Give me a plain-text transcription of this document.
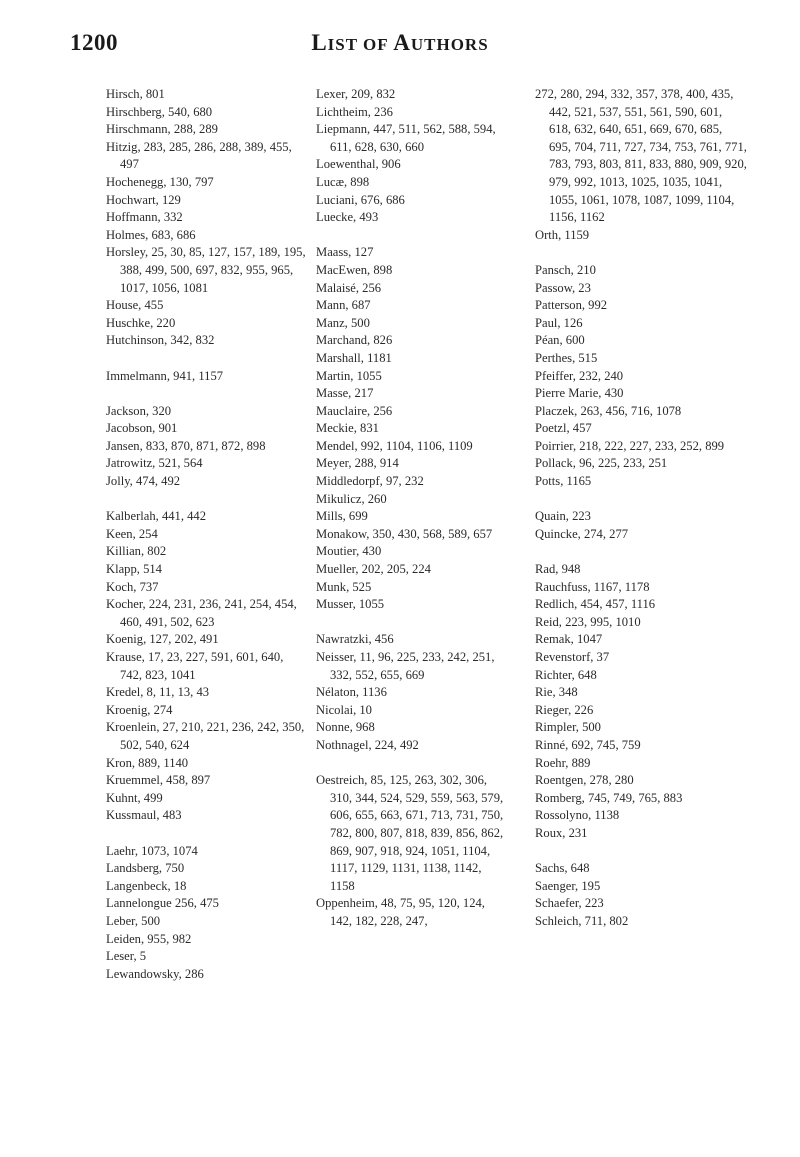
1200	LIST OF AUTHORS
Hirsch, 801
Hirschberg, 540, 680
Hirschmann, 288, 289
Hitzig, 283, 285, 286, 288, 389, 455, 497
Hochenegg, 130, 797
Hochwart, 129
Hoffmann, 332
Holmes, 683, 686
Horsley, 25, 30, 85, 127, 157, 189, 195, 388, 499, 500, 697, 832, 955, 965, 1017, 1056, 1081
House, 455
Huschke, 220
Hutchinson, 342, 832
Immelmann, 941, 1157
Jackson, 320
Jacobson, 901
Jansen, 833, 870, 871, 872, 898
Jatrowitz, 521, 564
Jolly, 474, 492
Kalberlah, 441, 442
Keen, 254
Killian, 802
Klapp, 514
Koch, 737
Kocher, 224, 231, 236, 241, 254, 454, 460, 491, 502, 623
Koenig, 127, 202, 491
Krause, 17, 23, 227, 591, 601, 640, 742, 823, 1041
Kredel, 8, 11, 13, 43
Kroenig, 274
Kroenlein, 27, 210, 221, 236, 242, 350, 502, 540, 624
Kron, 889, 1140
Kruemmel, 458, 897
Kuhnt, 499
Kussmaul, 483
Laehr, 1073, 1074
Landsberg, 750
Langenbeck, 18
Lannelongue 256, 475
Leber, 500
Leiden, 955, 982
Leser, 5
Lewandowsky, 286
Lexer, 209, 832
Lichtheim, 236
Liepmann, 447, 511, 562, 588, 594, 611, 628, 630, 660
Loewenthal, 906
Lucæ, 898
Luciani, 676, 686
Luecke, 493
Maass, 127
MacEwen, 898
Malaisé, 256
Mann, 687
Manz, 500
Marchand, 826
Marshall, 1181
Martin, 1055
Masse, 217
Mauclaire, 256
Meckie, 831
Mendel, 992, 1104, 1106, 1109
Meyer, 288, 914
Middledorpf, 97, 232
Mikulicz, 260
Mills, 699
Monakow, 350, 430, 568, 589, 657
Moutier, 430
Mueller, 202, 205, 224
Munk, 525
Musser, 1055
Nawratzki, 456
Neisser, 11, 96, 225, 233, 242, 251, 332, 552, 655, 669
Nélaton, 1136
Nicolai, 10
Nonne, 968
Nothnagel, 224, 492
Oestreich, 85, 125, 263, 302, 306, 310, 344, 524, 529, 559, 563, 579, 606, 655, 663, 671, 713, 731, 750, 782, 800, 807, 818, 839, 856, 862, 869, 907, 918, 924, 1051, 1104, 1117, 1129, 1131, 1138, 1142, 1158
Oppenheim, 48, 75, 95, 120, 124, 142, 182, 228, 247,
272, 280, 294, 332, 357, 378, 400, 435, 442, 521, 537, 551, 561, 590, 601, 618, 632, 640, 651, 669, 670, 685, 695, 704, 711, 727, 734, 753, 761, 771, 783, 793, 803, 811, 833, 880, 909, 920, 979, 992, 1013, 1025, 1035, 1041, 1055, 1061, 1078, 1087, 1099, 1104, 1156, 1162
Orth, 1159
Pansch, 210
Passow, 23
Patterson, 992
Paul, 126
Péan, 600
Perthes, 515
Pfeiffer, 232, 240
Pierre Marie, 430
Placzek, 263, 456, 716, 1078
Poetzl, 457
Poirrier, 218, 222, 227, 233, 252, 899
Pollack, 96, 225, 233, 251
Potts, 1165
Quain, 223
Quincke, 274, 277
Rad, 948
Rauchfuss, 1167, 1178
Redlich, 454, 457, 1116
Reid, 223, 995, 1010
Remak, 1047
Revenstorf, 37
Richter, 648
Rie, 348
Rieger, 226
Rimpler, 500
Rinné, 692, 745, 759
Roehr, 889
Roentgen, 278, 280
Romberg, 745, 749, 765, 883
Rossolyno, 1138
Roux, 231
Sachs, 648
Saenger, 195
Schaefer, 223
Schleich, 711, 802
